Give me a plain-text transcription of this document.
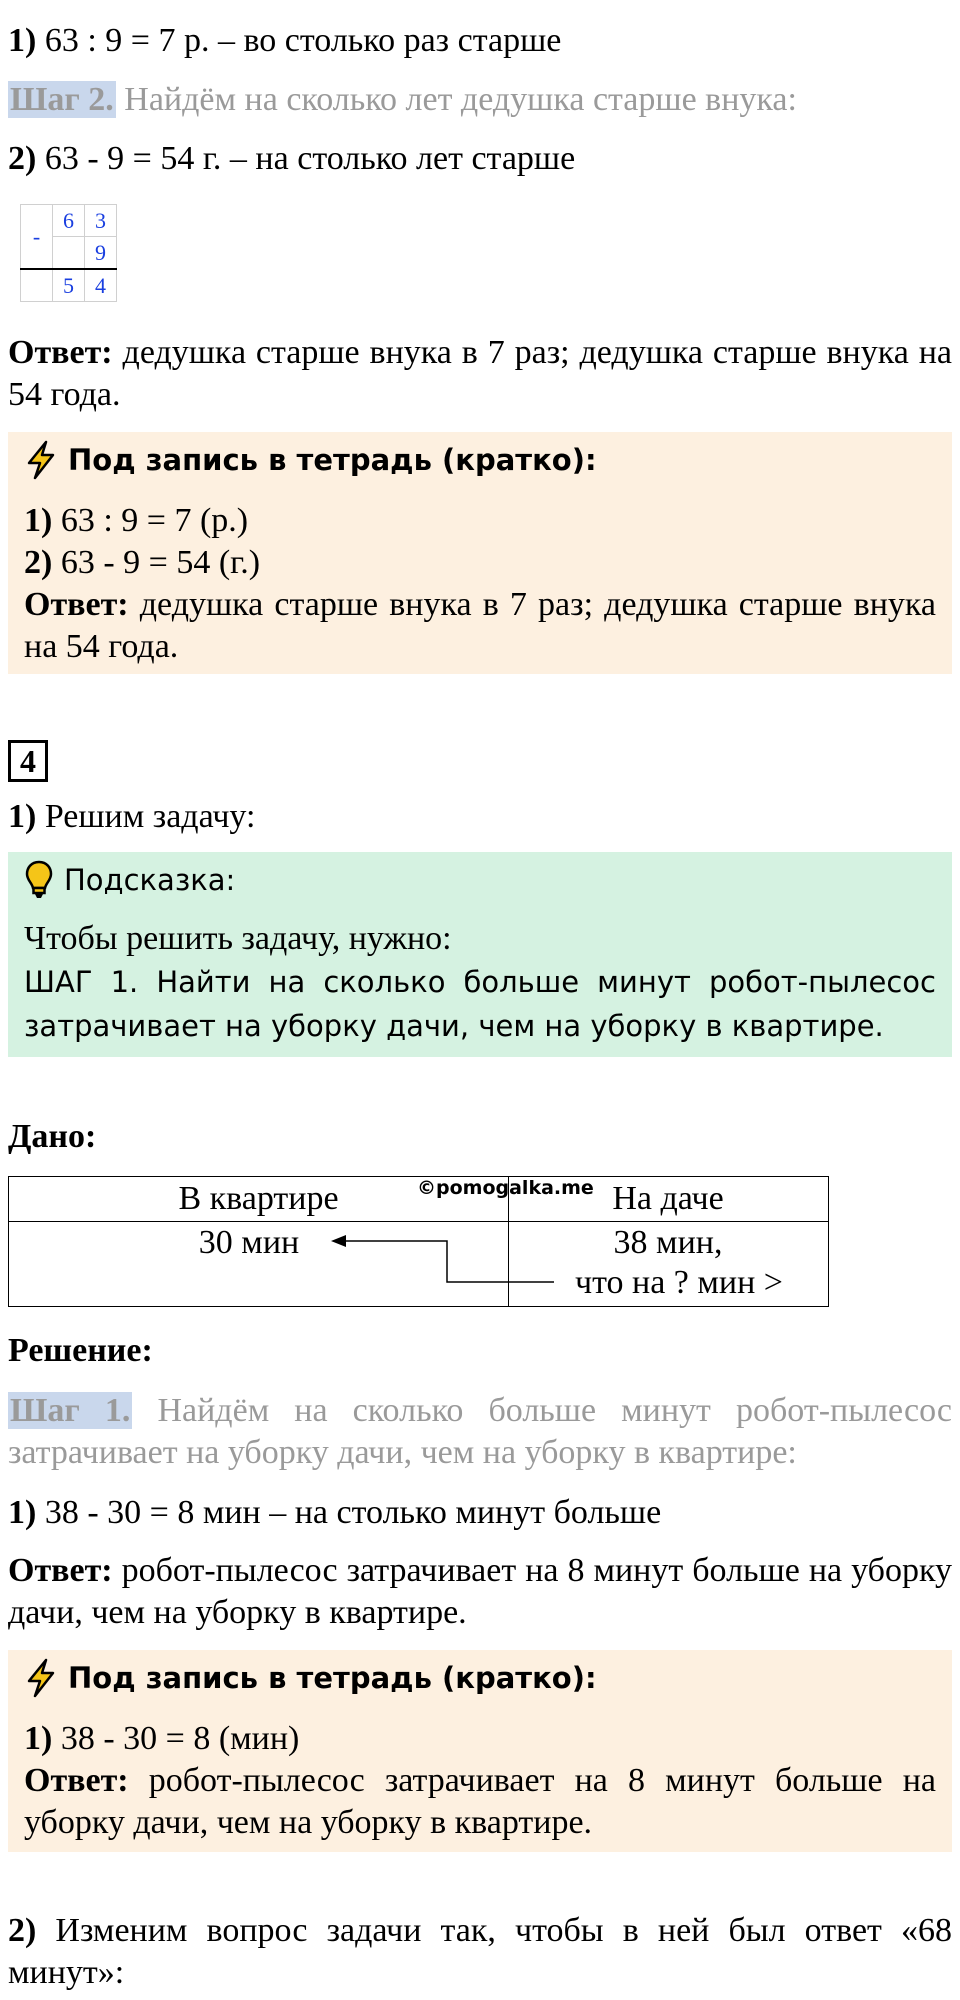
1) 63 : 9 = 7 р. – во столько раз старше
Шаг 2. Найдём на сколько лет дедушка старше внука:
2) 63 - 9 = 54 г. – на столько лет старше
-	6	3
		9
	5	4
Ответ: дедушка старше внука в 7 раз; дедушка старше внука на 54 года.
Под запись в тетрадь (кратко):
1) 63 : 9 = 7 (р.)
2) 63 - 9 = 54 (г.)
Ответ: дедушка старше внука в 7 раз; дедушка старше внука на 54 года.
4
1) Решим задачу:
Подсказка:
Чтобы решить задачу, нужно:
ШАГ 1. Найти на сколько больше минут робот-пылесос затрачивает на уборку дачи, чем на уборку в квартире.
Дано:
В квартире	На даче
©pomogalka.me
30 мин	38 мин,
что на ? мин >
Решение:
Шаг 1. Найдём на сколько больше минут робот-пылесос затрачивает на уборку дачи, чем на уборку в квартире:
1) 38 - 30 = 8 мин – на столько минут больше
Ответ: робот-пылесос затрачивает на 8 минут больше на уборку дачи, чем на уборку в квартире.
Под запись в тетрадь (кратко):
1) 38 - 30 = 8 (мин)
Ответ: робот-пылесос затрачивает на 8 минут больше на уборку дачи, чем на уборку в квартире.
2) Изменим вопрос задачи так, чтобы в ней был ответ «68 минут»:
